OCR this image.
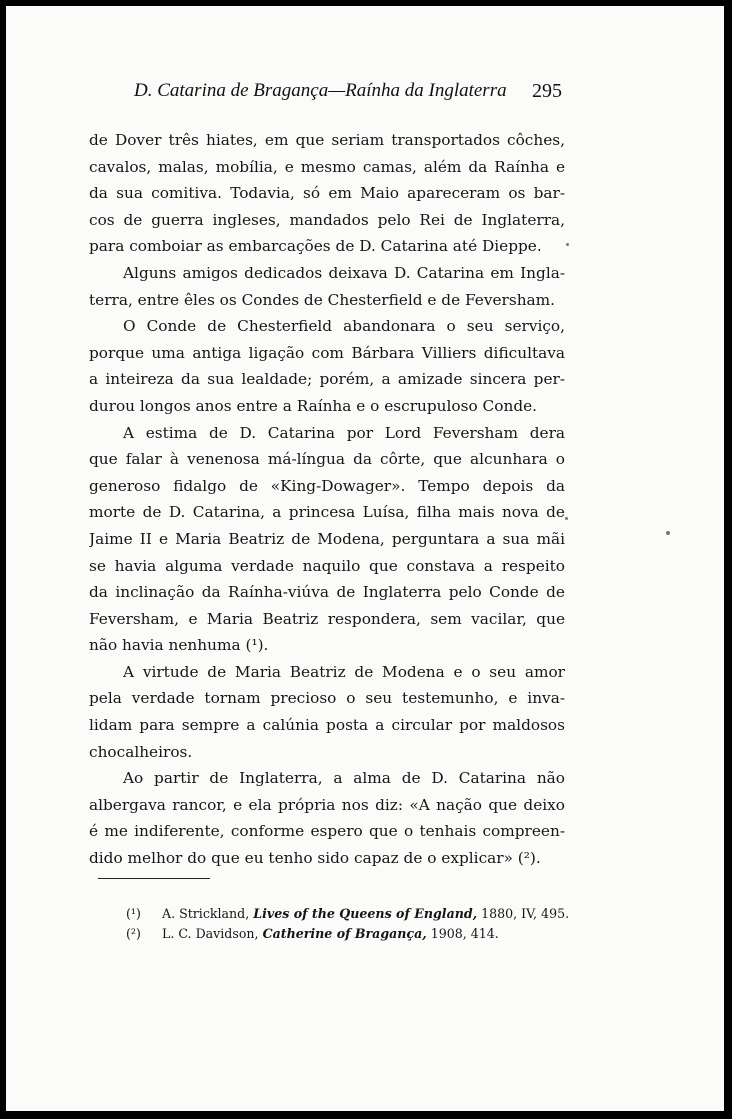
D. Catarina de Bragança—Raínha da Inglaterra 295
de Dover três hiates, em que seriam transportados côches,
cavalos, malas, mobília, e mesmo camas, além da Raínha e
da sua comitiva. Todavia, só em Maio apareceram os bar-
cos de guerra ingleses, mandados pelo Rei de Inglaterra,
para comboiar as embarcações de D. Catarina até Dieppe.
Alguns amigos dedicados deixava D. Catarina em Ingla-
terra, entre êles os Condes de Chesterfield e de Feversham.
O Conde de Chesterfield abandonara o seu serviço,
porque uma antiga ligação com Bárbara Villiers dificultava
a inteireza da sua lealdade; porém, a amizade sincera per-
durou longos anos entre a Raínha e o escrupuloso Conde.
A estima de D. Catarina por Lord Feversham dera
que falar à venenosa má-língua da côrte, que alcunhara o
generoso fidalgo de «King-Dowager». Tempo depois da
morte de D. Catarina, a princesa Luísa, filha mais nova de
Jaime II e Maria Beatriz de Modena, perguntara a sua mãi
se havia alguma verdade naquilo que constava a respeito
da inclinação da Raínha-viúva de Inglaterra pelo Conde de
Feversham, e Maria Beatriz respondera, sem vacilar, que
não havia nenhuma (¹).
A virtude de Maria Beatriz de Modena e o seu amor
pela verdade tornam precioso o seu testemunho, e inva-
lidam para sempre a calúnia posta a circular por maldosos
chocalheiros.
Ao partir de Inglaterra, a alma de D. Catarina não
albergava rancor, e ela própria nos diz: «A nação que deixo
é me indiferente, conforme espero que o tenhais compreen-
dido melhor do que eu tenho sido capaz de o explicar» (²).
(¹) A. Strickland, Lives of the Queens of England, 1880, IV, 495.
(²) L. C. Davidson, Catherine of Bragança, 1908, 414.
